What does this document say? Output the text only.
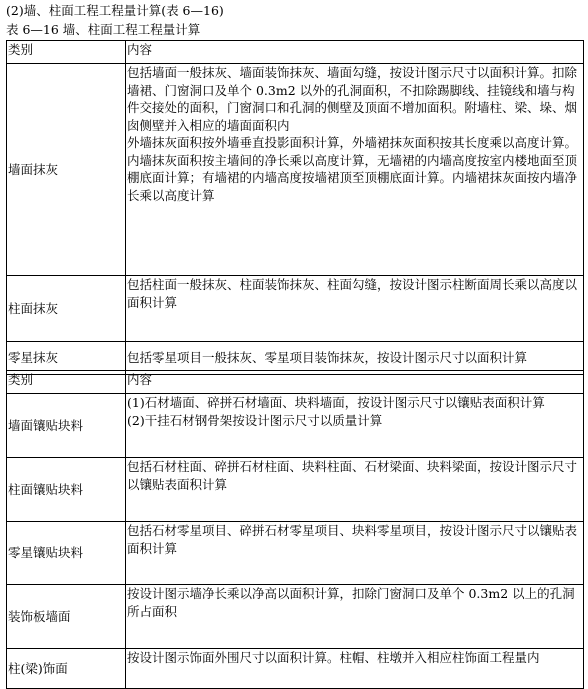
(2)墙、柱面工程工程量计算(表 6—16)
表 6—16 墙、柱面工程工程量计算
类别	内容
墙面抹灰	包括墙面一般抹灰、墙面装饰抹灰、墙面勾缝，按设计图示尺寸以面积计算。扣除墙裙、门窗洞口及单个 0.3m2 以外的孔洞面积，不扣除踢脚线、挂镜线和墙与构件交接处的面积，门窗洞口和孔洞的侧壁及顶面不增加面积。附墙柱、梁、垛、烟囱侧壁并入相应的墙面面积内
外墙抹灰面积按外墙垂直投影面积计算，外墙裙抹灰面积按其长度乘以高度计算。
内墙抹灰面积按主墙间的净长乘以高度计算，无墙裙的内墙高度按室内楼地面至顶棚底面计算；有墙裙的内墙高度按墙裙顶至顶棚底面计算。内墙裙抹灰面按内墙净长乘以高度计算

柱面抹灰	包括柱面一般抹灰、柱面装饰抹灰、柱面勾缝，按设计图示柱断面周长乘以高度以面积计算

零星抹灰	包括零星项目一般抹灰、零星项目装饰抹灰，按设计图示尺寸以面积计算
类别	内容
墙面镶贴块料	(1)石材墙面、碎拼石材墙面、块料墙面，按设计图示尺寸以镶贴表面积计算
(2)干挂石材钢骨架按设计图示尺寸以质量计算

柱面镶贴块料	包括石材柱面、碎拼石材柱面、块料柱面、石材梁面、块料梁面，按设计图示尺寸以镶贴表面积计算

零星镶贴块料	包括石材零星项目、碎拼石材零星项目、块料零星项目，按设计图示尺寸以镶贴表面积计算

装饰板墙面	按设计图示墙净长乘以净高以面积计算，扣除门窗洞口及单个 0.3m2 以上的孔洞所占面积

柱(梁)饰面	按设计图示饰面外围尺寸以面积计算。柱帽、柱墩并入相应柱饰面工程量内
